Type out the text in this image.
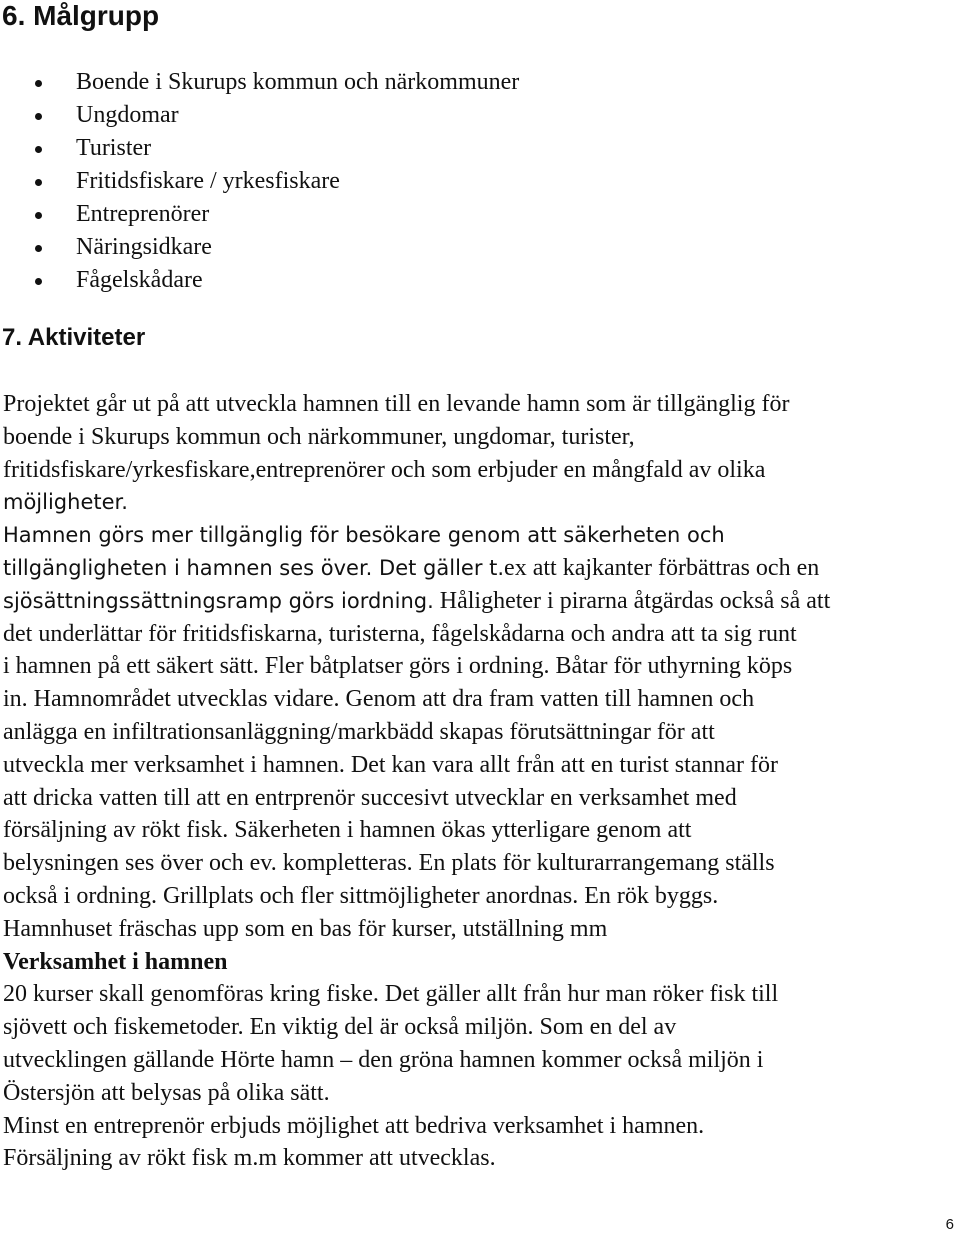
6. Målgrupp
Boende i Skurups kommun och närkommuner
Ungdomar
Turister
Fritidsfiskare / yrkesfiskare
Entreprenörer
Näringsidkare
Fågelskådare
7. Aktiviteter
Projektet går ut på att utveckla hamnen till en levande hamn som är tillgänglig för
boende i Skurups kommun och närkommuner, ungdomar, turister,
fritidsfiskare/yrkesfiskare,entreprenörer och som erbjuder en mångfald av olika
möjligheter.
Hamnen görs mer tillgänglig för besökare genom att säkerheten och
tillgängligheten i hamnen ses över. Det gäller t.ex att kajkanter förbättras och en
sjösättningssättningsramp görs iordning. Håligheter i pirarna åtgärdas också så att
det underlättar för fritidsfiskarna, turisterna, fågelskådarna och andra att ta sig runt
i hamnen på ett säkert sätt. Fler båtplatser görs i ordning. Båtar för uthyrning köps
in. Hamnområdet utvecklas vidare. Genom att dra fram vatten till hamnen och
anlägga en infiltrationsanläggning/markbädd skapas förutsättningar för att
utveckla mer verksamhet i hamnen. Det kan vara allt från att en turist stannar för
att dricka vatten till att en entrprenör succesivt utvecklar en verksamhet med
försäljning av rökt fisk. Säkerheten i hamnen ökas ytterligare genom att
belysningen ses över och ev. kompletteras. En plats för kulturarrangemang ställs
också i ordning. Grillplats och fler sittmöjligheter anordnas. En rök byggs.
Hamnhuset fräschas upp som en bas för kurser, utställning mm
Verksamhet i hamnen
20 kurser skall genomföras kring fiske. Det gäller allt från hur man röker fisk till
sjövett och fiskemetoder. En viktig del är också miljön. Som en del av
utvecklingen gällande Hörte hamn – den gröna hamnen kommer också miljön i
Östersjön att belysas på olika sätt.
Minst en entreprenör erbjuds möjlighet att bedriva verksamhet i hamnen.
Försäljning av rökt fisk m.m kommer att utvecklas.
6
